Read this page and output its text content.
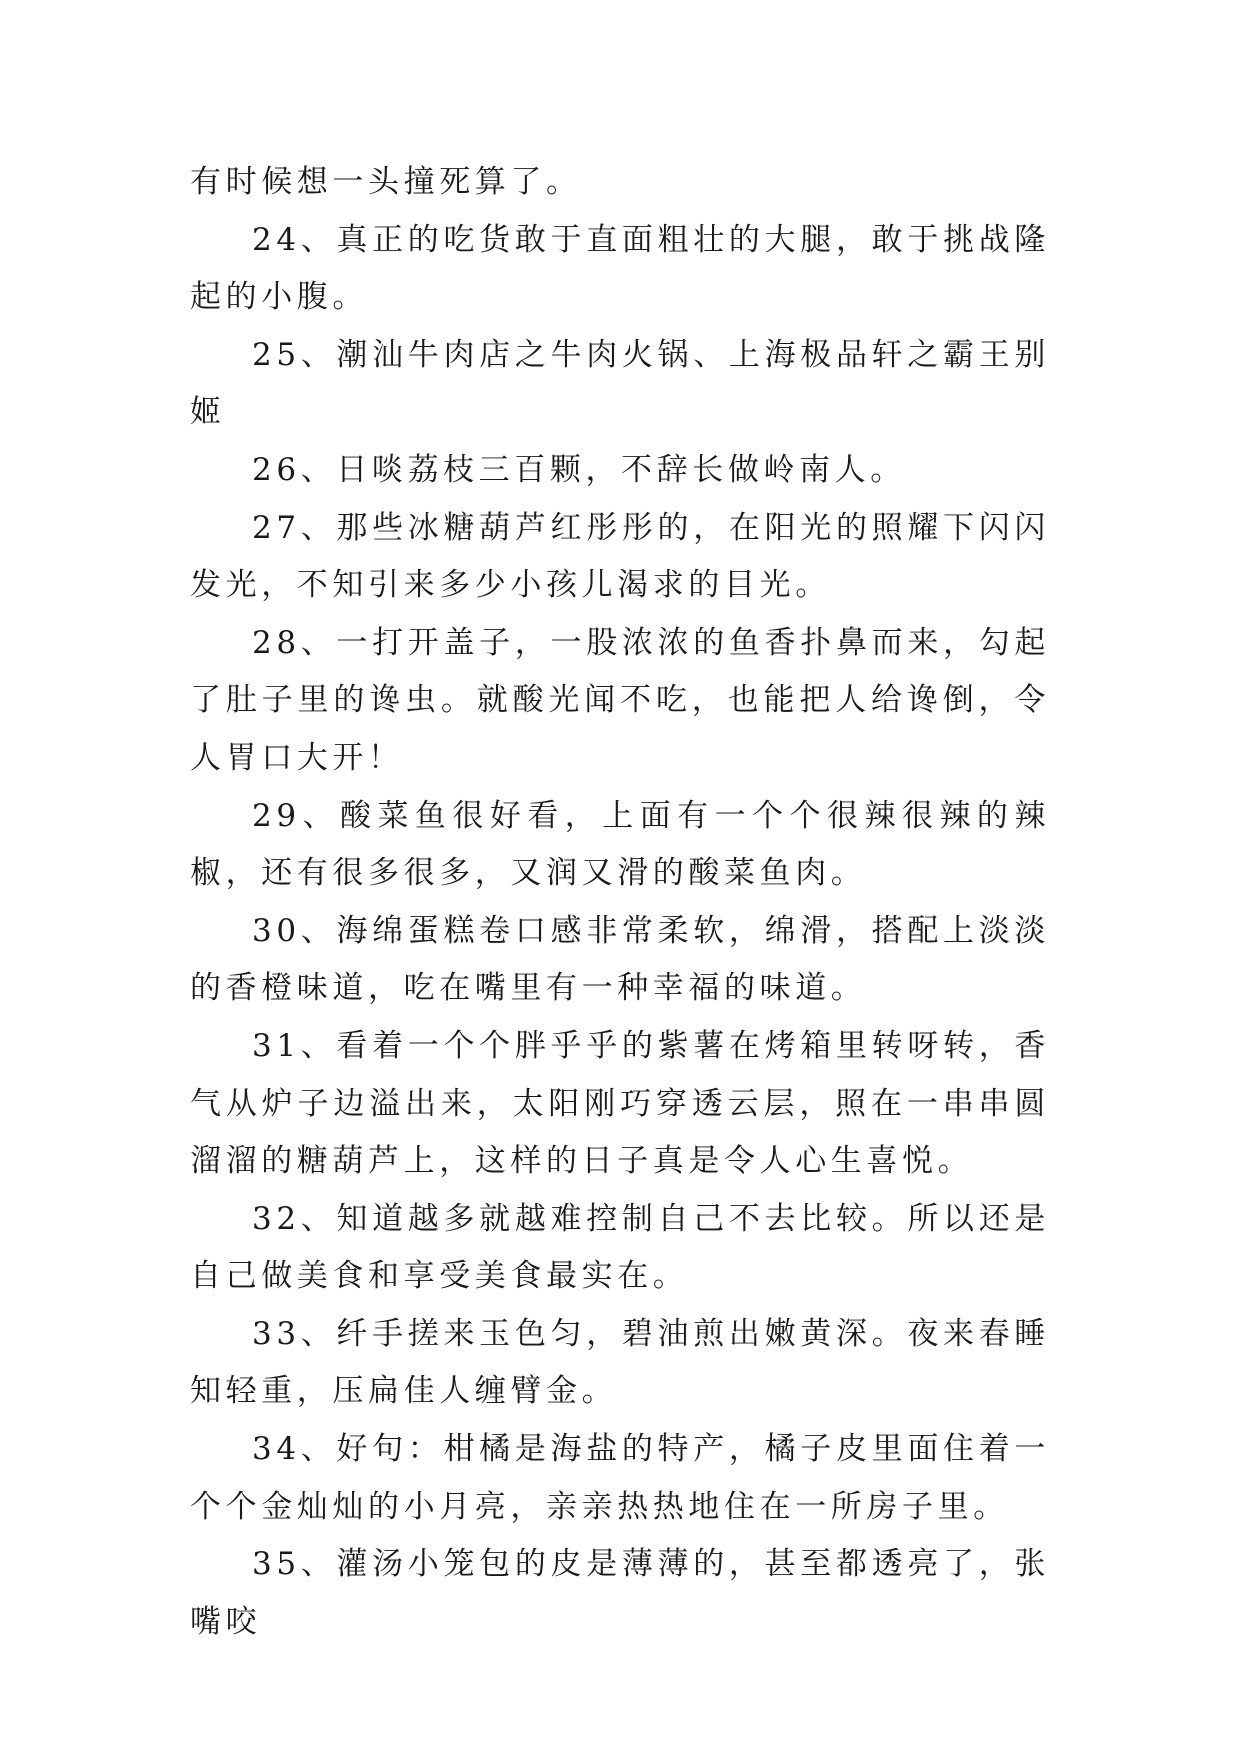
有时候想一头撞死算了。

24、真正的吃货敢于直面粗壮的大腿，敢于挑战隆起的小腹。

25、潮汕牛肉店之牛肉火锅、上海极品轩之霸王别姬

26、日啖荔枝三百颗，不辞长做岭南人。

27、那些冰糖葫芦红彤彤的，在阳光的照耀下闪闪发光，不知引来多少小孩儿渴求的目光。

28、一打开盖子，一股浓浓的鱼香扑鼻而来，勾起了肚子里的谗虫。就酸光闻不吃，也能把人给谗倒，令人胃口大开！

29、酸菜鱼很好看，上面有一个个很辣很辣的辣椒，还有很多很多，又润又滑的酸菜鱼肉。

30、海绵蛋糕卷口感非常柔软，绵滑，搭配上淡淡的香橙味道，吃在嘴里有一种幸福的味道。

31、看着一个个胖乎乎的紫薯在烤箱里转呀转，香气从炉子边溢出来，太阳刚巧穿透云层，照在一串串圆溜溜的糖葫芦上，这样的日子真是令人心生喜悦。

32、知道越多就越难控制自己不去比较。所以还是自己做美食和享受美食最实在。

33、纤手搓来玉色匀，碧油煎出嫩黄深。夜来春睡知轻重，压扁佳人缠臂金。

34、好句：柑橘是海盐的特产，橘子皮里面住着一个个金灿灿的小月亮，亲亲热热地住在一所房子里。

35、灌汤小笼包的皮是薄薄的，甚至都透亮了，张嘴咬
